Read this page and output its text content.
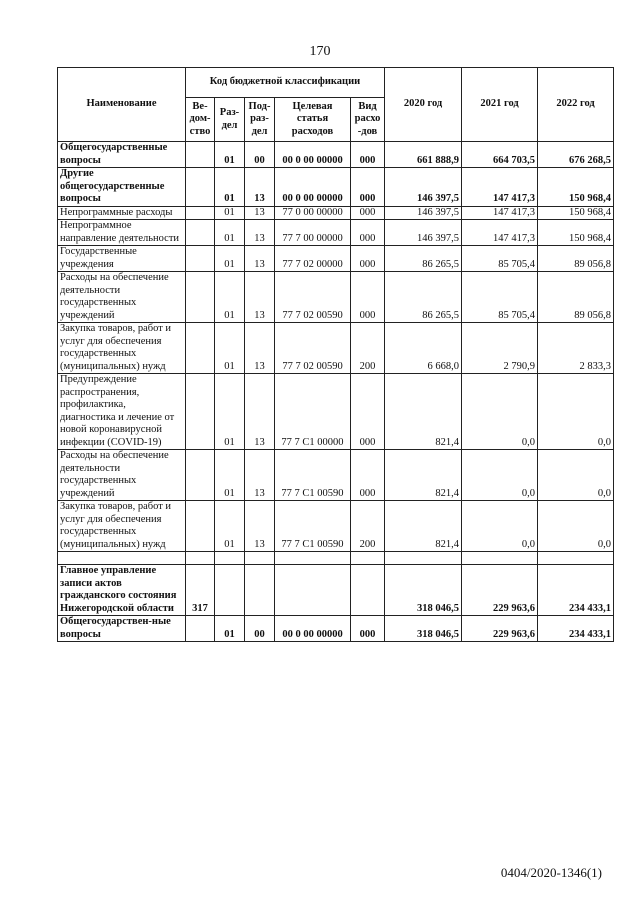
170
Наименование	Код бюджетной классификации					2020 год	2021 год	2022 год
	Ве-дом-ство	Раз-дел	Под-раз-дел	Целевая статья расходов	Вид расхо-дов			
Общегосударственные вопросы		01	00	00 0 00 00000	000	661 888,9	664 703,5	676 268,5
Другие общегосударственные вопросы		01	13	00 0 00 00000	000	146 397,5	147 417,3	150 968,4
Непрограммные расходы		01	13	77 0 00 00000	000	146 397,5	147 417,3	150 968,4
Непрограммное направление деятельности		01	13	77 7 00 00000	000	146 397,5	147 417,3	150 968,4
Государственные учреждения		01	13	77 7 02 00000	000	86 265,5	85 705,4	89 056,8
Расходы на обеспечение деятельности государственных учреждений		01	13	77 7 02 00590	000	86 265,5	85 705,4	89 056,8
Закупка товаров, работ и услуг для обеспечения государственных (муниципальных) нужд		01	13	77 7 02 00590	200	6 668,0	2 790,9	2 833,3
Предупреждение распространения, профилактика, диагностика и лечение от новой коронавирусной инфекции (COVID-19)		01	13	77 7 С1 00000	000	821,4	0,0	0,0
Расходы на обеспечение деятельности государственных учреждений		01	13	77 7 С1 00590	000	821,4	0,0	0,0
Закупка товаров, работ и услуг для обеспечения государственных (муниципальных) нужд		01	13	77 7 С1 00590	200	821,4	0,0	0,0

Главное управление записи актов гражданского состояния Нижегородской области	317					318 046,5	229 963,6	234 433,1
Общегосударствен-ные вопросы		01	00	00 0 00 00000	000	318 046,5	229 963,6	234 433,1
0404/2020-1346(1)
